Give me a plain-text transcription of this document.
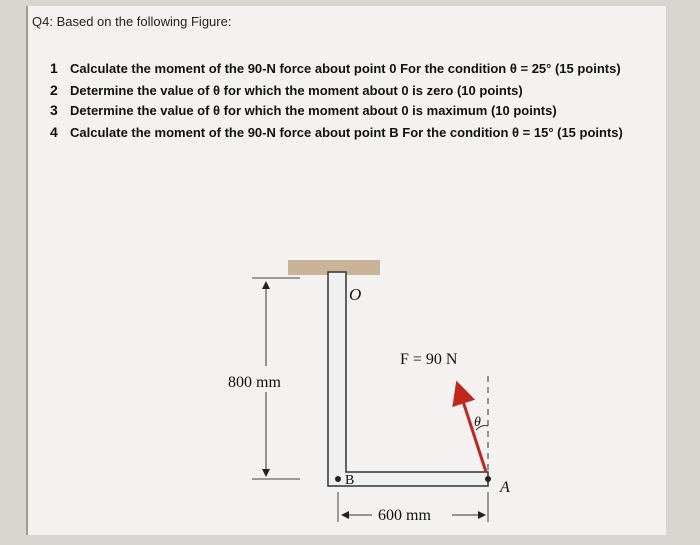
Q4: Based on the following Figure:
1 Calculate the moment of the 90-N force about point 0 For the condition θ = 25° (15 points)
2 Determine the value of θ for which the moment about 0 is zero (10 points)
3 Determine the value of θ for which the moment about 0 is maximum (10 points)
4 Calculate the moment of the 90-N force about point B For the condition θ = 15° (15 points)
O
B	A
F = 90 N
θ
800 mm
600 mm
